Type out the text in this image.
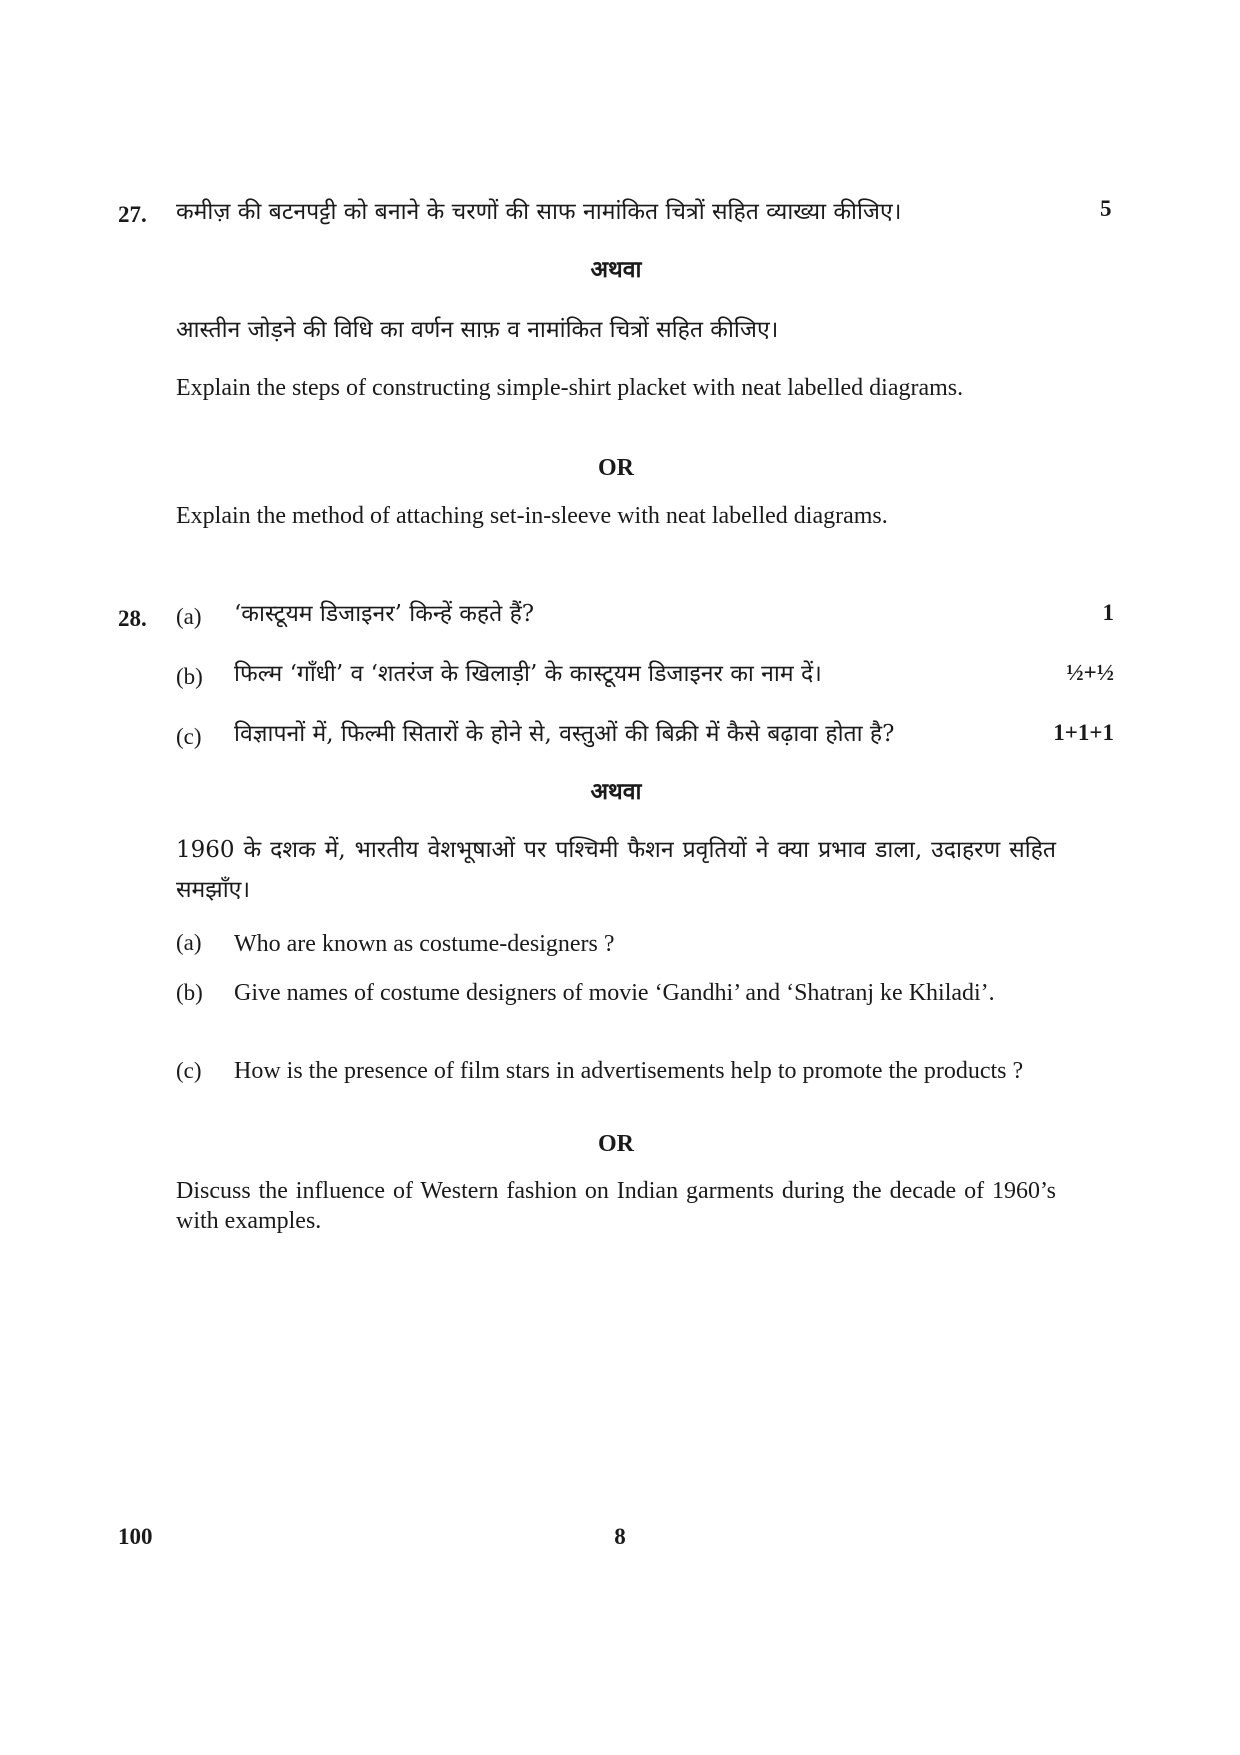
27. कमीज़ की बटनपट्टी को बनाने के चरणों की साफ नामांकित चित्रों सहित व्याख्या कीजिए।	5
अथवा
आस्तीन जोड़ने की विधि का वर्णन साफ़ व नामांकित चित्रों सहित कीजिए।
Explain the steps of constructing simple-shirt placket with neat labelled diagrams.
OR
Explain the method of attaching set-in-sleeve with neat labelled diagrams.
28. (a) ‘कास्टूयम डिजाइनर’ किन्हें कहते हैं?	1
(b) फिल्म ‘गाँधी’ व ‘शतरंज के खिलाड़ी’ के कास्टूयम डिजाइनर का नाम दें।	½+½
(c) विज्ञापनों में, फिल्मी सितारों के होने से, वस्तुओं की बिक्री में कैसे बढ़ावा होता है?	1+1+1
अथवा
1960 के दशक में, भारतीय वेशभूषाओं पर पश्चिमी फैशन प्रवृतियों ने क्या प्रभाव डाला, उदाहरण सहित समझाँए।
(a) Who are known as costume-designers ?
(b) Give names of costume designers of movie ‘Gandhi’ and ‘Shatranj ke Khiladi’.
(c) How is the presence of film stars in advertisements help to promote the products ?
OR
Discuss the influence of Western fashion on Indian garments during the decade of 1960’s with examples.
100	8
